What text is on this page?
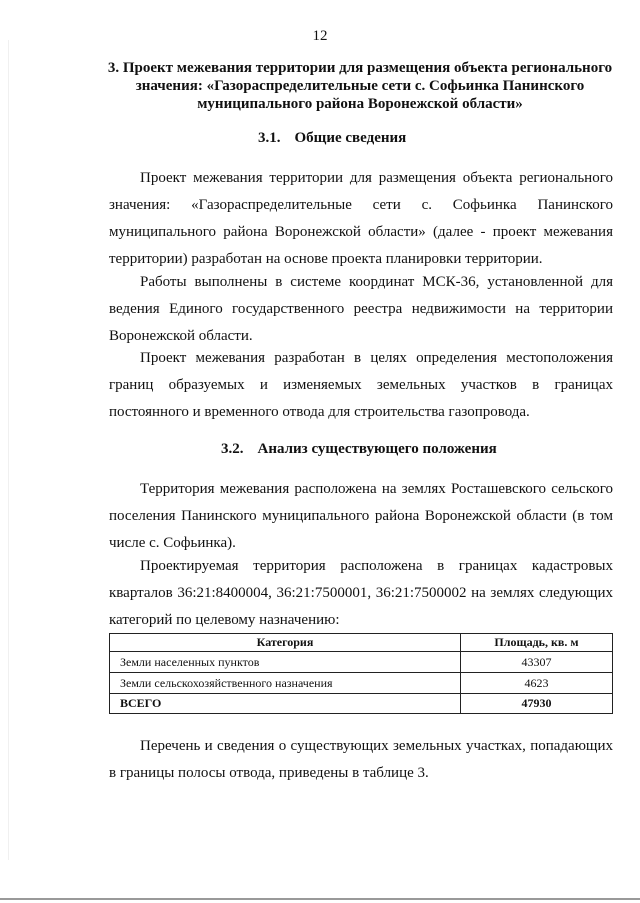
12
3. Проект межевания территории для размещения объекта регионального значения: «Газораспределительные сети с. Софьинка Панинского муниципального района Воронежской области»
3.1. Общие сведения

Проект межевания территории для размещения объекта регионального значения: «Газораспределительные сети с. Софьинка Панинского муниципального района Воронежской области» (далее - проект межевания территории) разработан на основе проекта планировки территории.

Работы выполнены в системе координат МСК-36, установленной для ведения Единого государственного реестра недвижимости на территории Воронежской области.

Проект межевания разработан в целях определения местоположения границ образуемых и изменяемых земельных участков в границах постоянного и временного отвода для строительства газопровода.

3.2. Анализ существующего положения

Территория межевания расположена на землях Росташевского сельского поселения Панинского муниципального района Воронежской области (в том числе с. Софьинка).

Проектируемая территория расположена в границах кадастровых кварталов 36:21:8400004, 36:21:7500001, 36:21:7500002 на землях следующих категорий по целевому назначению:

Категория	Площадь, кв. м
Земли населенных пунктов	43307
Земли сельскохозяйственного назначения	4623
ВСЕГО	47930

Перечень и сведения о существующих земельных участках, попадающих в границы полосы отвода, приведены в таблице 3.
